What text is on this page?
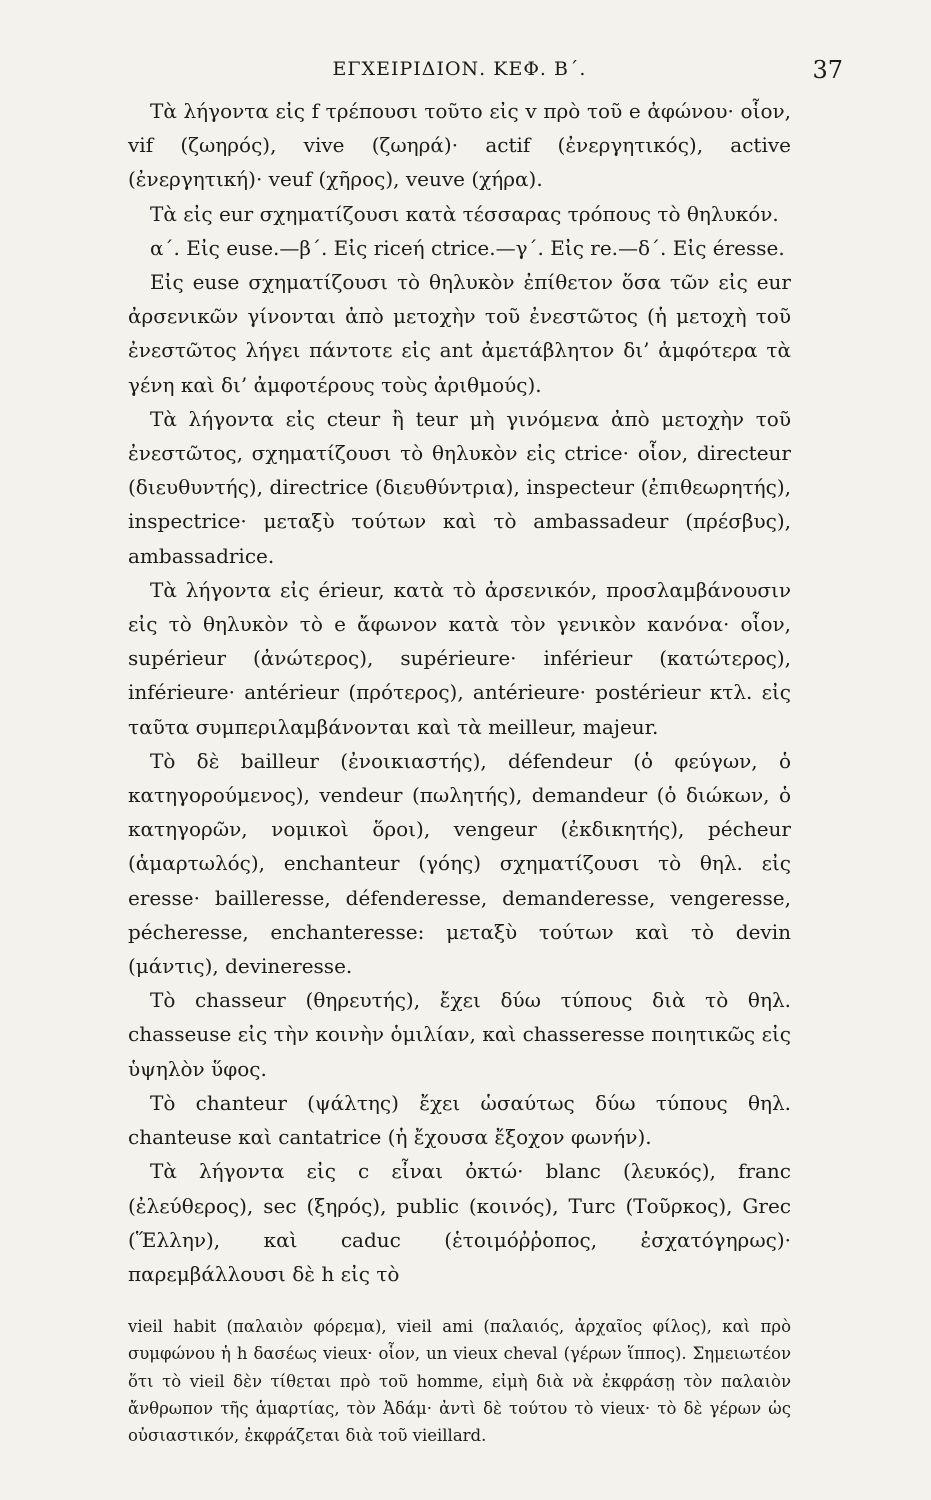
ΕΓΧΕΙΡΙΔΙΟΝ. ΚΕΦ. Β΄.	37

Τὰ λήγοντα εἰς f τρέπουσι τοῦτο εἰς v πρὸ τοῦ e ἀφώνου· οἷον, vif (ζωηρός), vive (ζωηρά)· actif (ἐνεργητικός), active (ἐνεργητική)· veuf (χῆρος), veuve (χήρα).

Τὰ εἰς eur σχηματίζουσι κατὰ τέσσαρας τρόπους τὸ θηλυκόν.

α΄. Εἰς euse.—β΄. Εἰς riceή ctrice.—γ΄. Εἰς re.—δ΄. Εἰς éresse.

Εἰς euse σχηματίζουσι τὸ θηλυκὸν ἐπίθετον ὅσα τῶν εἰς eur ἀρσενικῶν γίνονται ἀπὸ μετοχὴν τοῦ ἐνεστῶτος (ἡ μετοχὴ τοῦ ἐνεστῶτος λήγει πάντοτε εἰς ant ἀμετάβλητον δι’ ἀμφότερα τὰ γένη καὶ δι’ ἀμφοτέρους τοὺς ἀριθμούς).

Τὰ λήγοντα εἰς cteur ἢ teur μὴ γινόμενα ἀπὸ μετοχὴν τοῦ ἐνεστῶτος, σχηματίζουσι τὸ θηλυκὸν εἰς ctrice· οἷον, directeur (διευθυντής), directrice (διευθύντρια), inspecteur (ἐπιθεωρητής), inspectrice· μεταξὺ τούτων καὶ τὸ ambassadeur (πρέσβυς), ambassadrice.

Τὰ λήγοντα εἰς érieur, κατὰ τὸ ἀρσενικόν, προσλαμβάνουσιν εἰς τὸ θηλυκὸν τὸ e ἄφωνον κατὰ τὸν γενικὸν κανόνα· οἷον, supérieur (ἀνώτερος), supérieure· inférieur (κατώτερος), inférieure· antérieur (πρότερος), antérieure· postérieur κτλ. εἰς ταῦτα συμπεριλαμβάνονται καὶ τὰ meilleur, majeur.

Τὸ δὲ bailleur (ἐνοικιαστής), défendeur (ὁ φεύγων, ὁ κατηγορούμενος), vendeur (πωλητής), demandeur (ὁ διώκων, ὁ κατηγορῶν, νομικοὶ ὅροι), vengeur (ἐκδικητής), pécheur (ἁμαρτωλός), enchanteur (γόης) σχηματίζουσι τὸ θηλ. εἰς eresse· bailleresse, défenderesse, demanderesse, vengeresse, pécheresse, enchanteresse: μεταξὺ τούτων καὶ τὸ devin (μάντις), devineresse.

Τὸ chasseur (θηρευτής), ἔχει δύω τύπους διὰ τὸ θηλ. chasseuse εἰς τὴν κοινὴν ὁμιλίαν, καὶ chasseresse ποιητικῶς εἰς ὑψηλὸν ὕφος.

Τὸ chanteur (ψάλτης) ἔχει ὡσαύτως δύω τύπους θηλ. chanteuse καὶ cantatrice (ἡ ἔχουσα ἔξοχον φωνήν).

Τὰ λήγοντα εἰς c εἶναι ὀκτώ· blanc (λευκός), franc (ἐλεύθερος), sec (ξηρός), public (κοινός), Turc (Τοῦρκος), Grec (Ἕλλην), καὶ caduc (ἑτοιμόῤῥοπος, ἐσχατόγηρως)· παρεμβάλλουσι δὲ h εἰς τὸ

vieil habit (παλαιὸν φόρεμα), vieil ami (παλαιός, ἀρχαῖος φίλος), καὶ πρὸ συμφώνου ἡ h δασέως vieux· οἷον, un vieux cheval (γέρων ἵππος). Σημειωτέον ὅτι τὸ vieil δὲν τίθεται πρὸ τοῦ homme, εἰμὴ διὰ νὰ ἐκφράσῃ τὸν παλαιὸν ἄνθρωπον τῆς ἁμαρτίας, τὸν Ἀδάμ· ἀντὶ δὲ τούτου τὸ vieux· τὸ δὲ γέρων ὡς οὐσιαστικόν, ἐκφράζεται διὰ τοῦ vieillard.
